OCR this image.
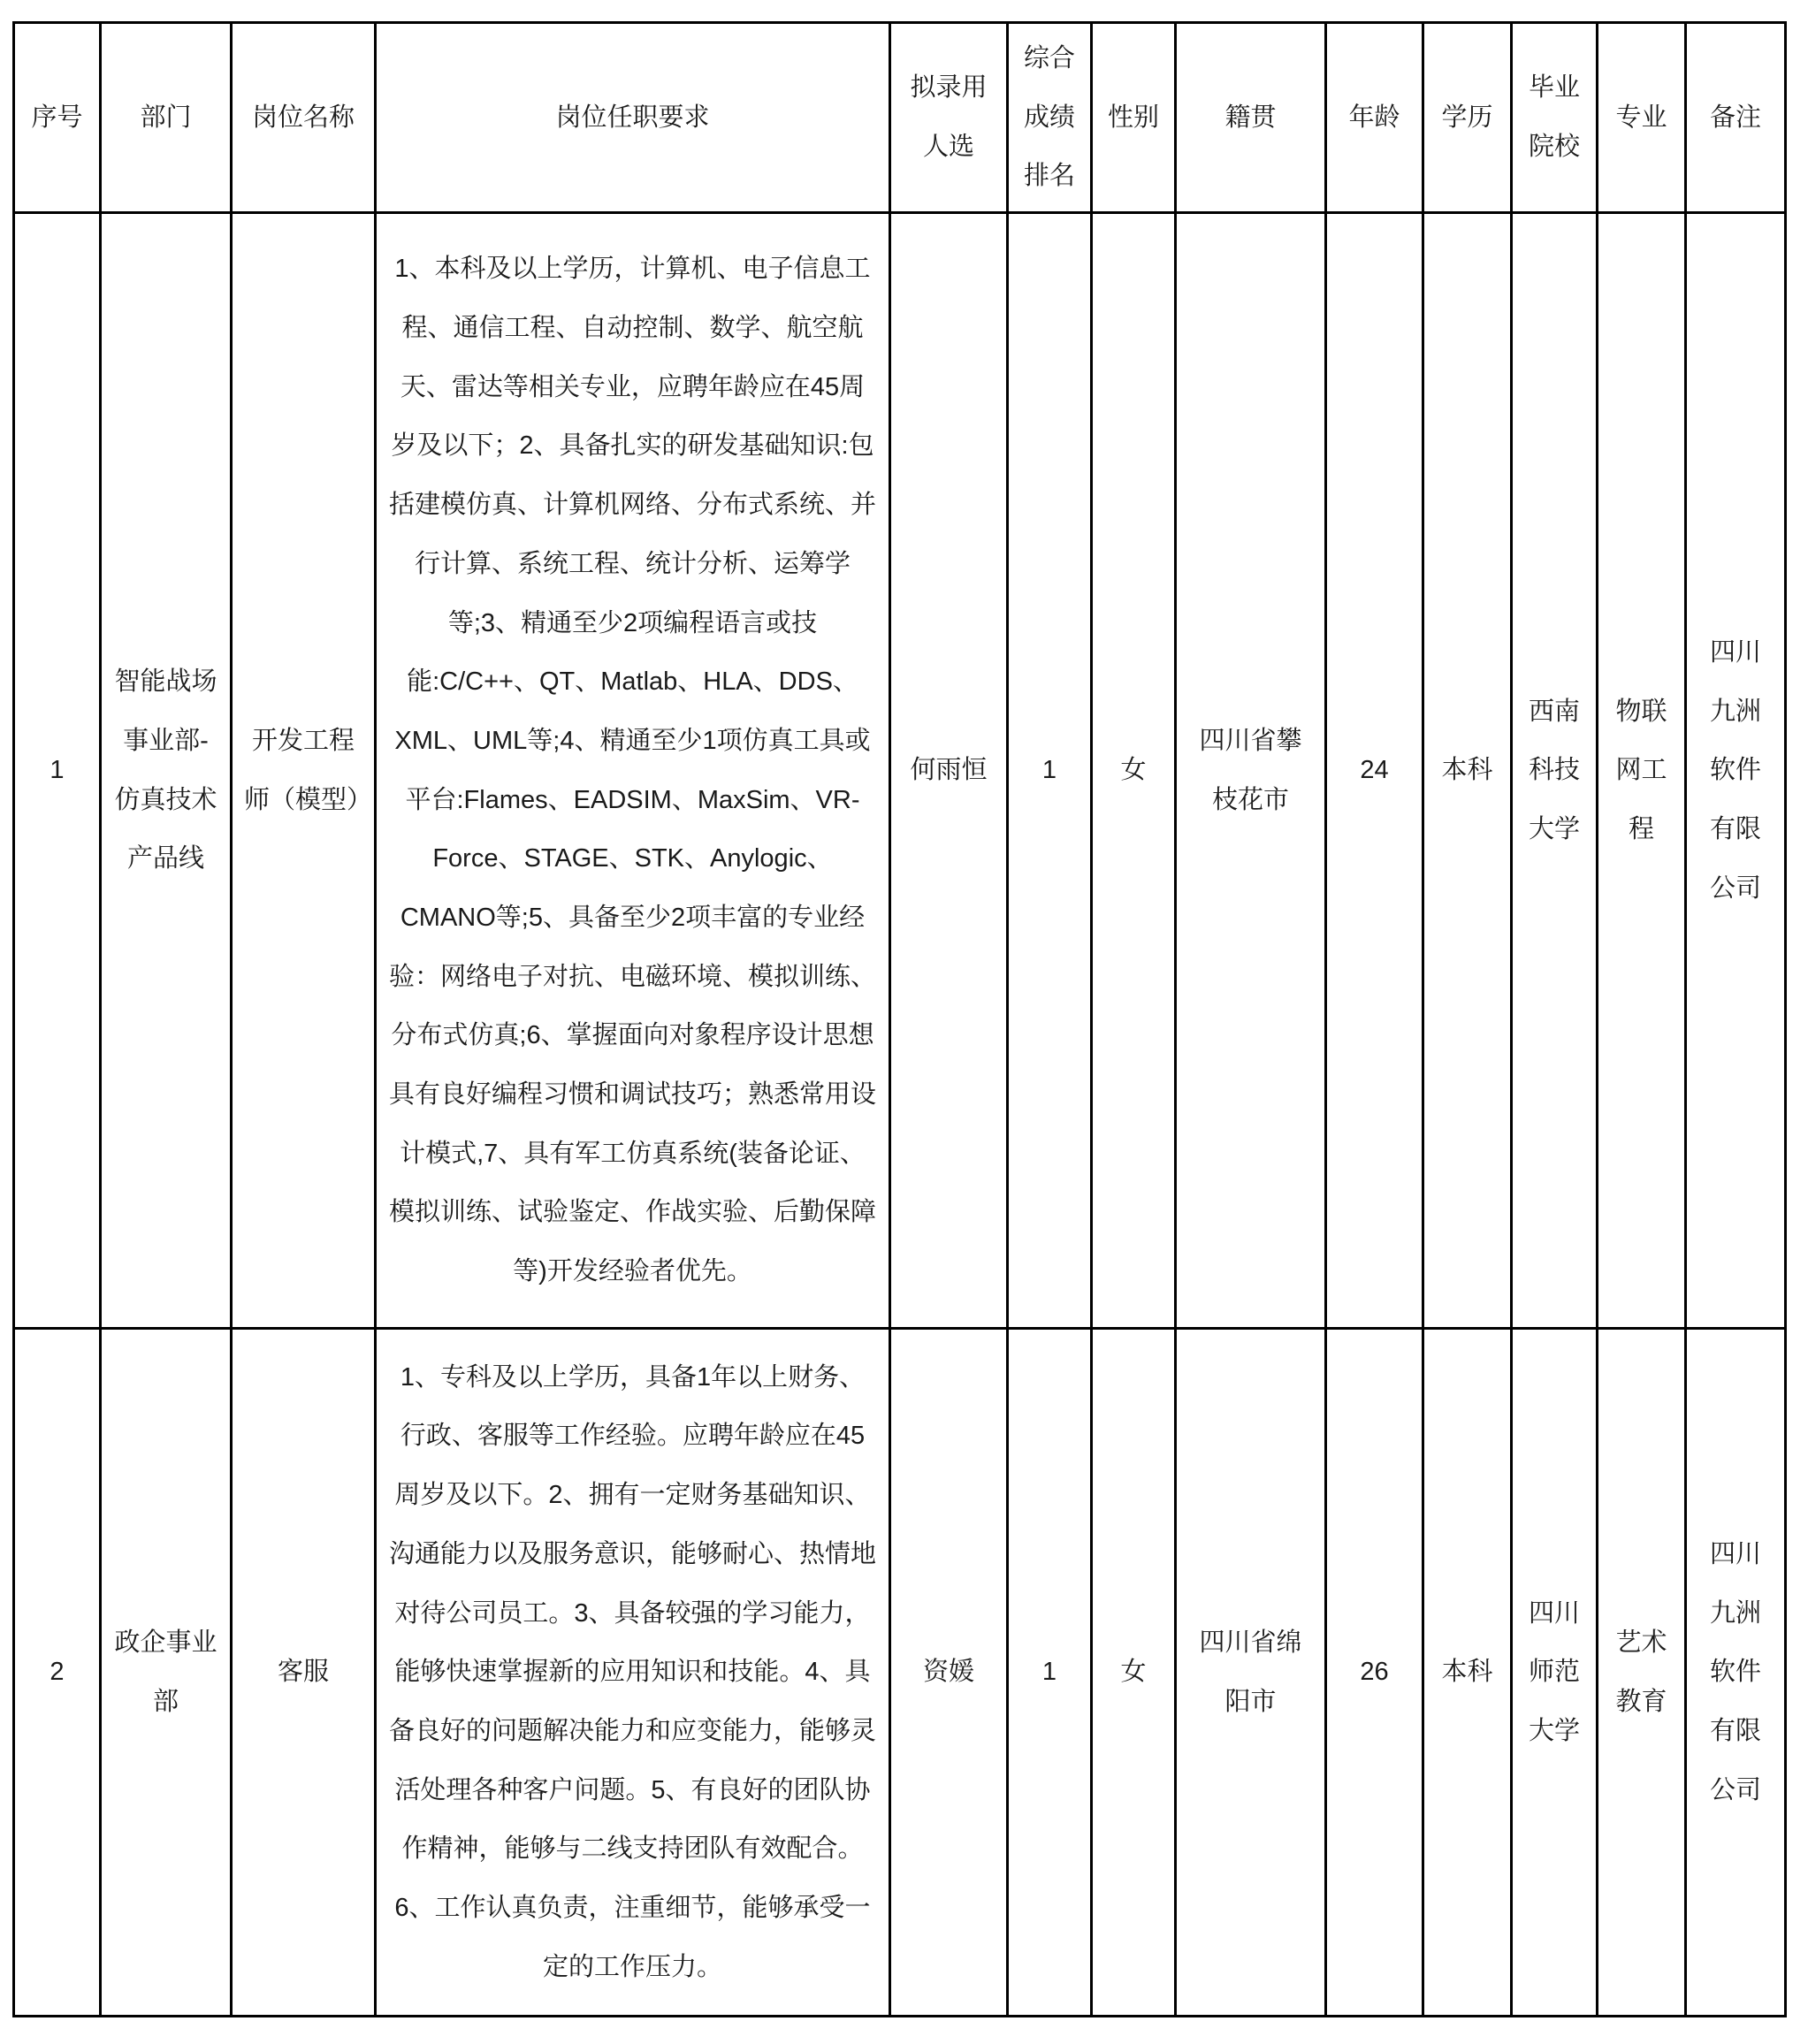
序号	部门	岗位名称	岗位任职要求	拟录用人选	综合成绩排名	性别	籍贯	年龄	学历	毕业院校	专业	备注
1	智能战场事业部-仿真技术产品线	开发工程师（模型）	1、本科及以上学历，计算机、电子信息工程、通信工程、自动控制、数学、航空航天、雷达等相关专业，应聘年龄应在45周岁及以下；2、具备扎实的研发基础知识:包括建模仿真、计算机网络、分布式系统、并行计算、系统工程、统计分析、运筹学等;3、精通至少2项编程语言或技能:C/C++、QT、Matlab、HLA、DDS、XML、UML等;4、精通至少1项仿真工具或平台:Flames、EADSIM、MaxSim、VR-Force、STAGE、STK、Anylogic、CMANO等;5、具备至少2项丰富的专业经验：网络电子对抗、电磁环境、模拟训练、分布式仿真;6、掌握面向对象程序设计思想具有良好编程习惯和调试技巧；熟悉常用设计模式,7、具有军工仿真系统(装备论证、模拟训练、试验鉴定、作战实验、后勤保障等)开发经验者优先。	何雨恒	1	女	四川省攀枝花市	24	本科	西南科技大学	物联网工程	四川九洲软件有限公司
2	政企事业部	客服	1、专科及以上学历，具备1年以上财务、行政、客服等工作经验。应聘年龄应在45周岁及以下。2、拥有一定财务基础知识、沟通能力以及服务意识，能够耐心、热情地对待公司员工。3、具备较强的学习能力，能够快速掌握新的应用知识和技能。4、具备良好的问题解决能力和应变能力，能够灵活处理各种客户问题。5、有良好的团队协作精神，能够与二线支持团队有效配合。6、工作认真负责，注重细节，能够承受一定的工作压力。	资媛	1	女	四川省绵阳市	26	本科	四川师范大学	艺术教育	四川九洲软件有限公司
